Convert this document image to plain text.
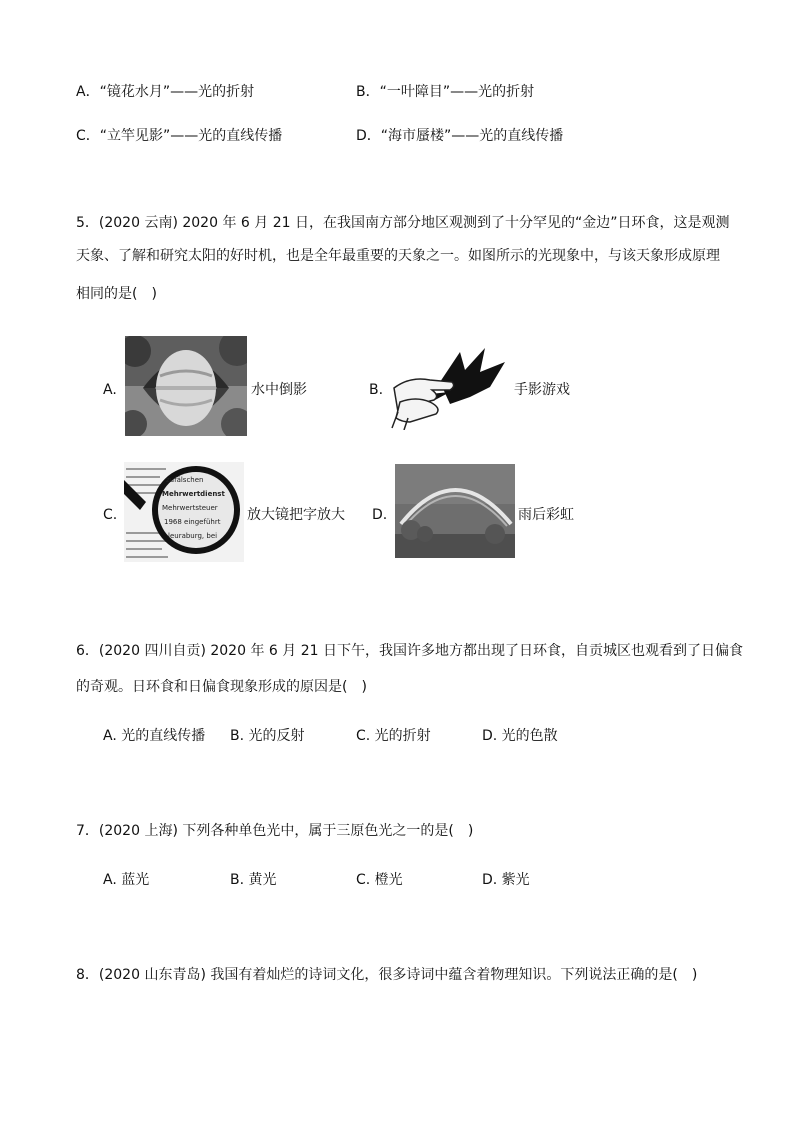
A．“镜花水月”——光的折射	B．“一叶障目”——光的折射
C．“立竿见影”——光的直线传播	D．“海市蜃楼”——光的直线传播
5．(2020 云南) 2020 年 6 月 21 日，在我国南方部分地区观测到了十分罕见的“金边”日环食，这是观测
天象、了解和研究太阳的好时机，也是全年最重要的天象之一。如图所示的光现象中，与该天象形成原理
相同的是(　)
A.	水中倒影	B.	手影游戏
C.
zufälschen
Mehrwertdienst
Mehrwertsteuer
1968 eingeführt
leuraburg, bei
放大镜把字放大 D.	雨后彩虹
6．(2020 四川自贡) 2020 年 6 月 21 日下午，我国许多地方都出现了日环食，自贡城区也观看到了日偏食
的奇观。日环食和日偏食现象形成的原因是(　)
A. 光的直线传播 B. 光的反射	C. 光的折射	D. 光的色散
7．(2020 上海) 下列各种单色光中，属于三原色光之一的是(　)
A. 蓝光	B. 黄光	C. 橙光	D. 紫光
8．(2020 山东青岛) 我国有着灿烂的诗词文化，很多诗词中蕴含着物理知识。下列说法正确的是(　)
